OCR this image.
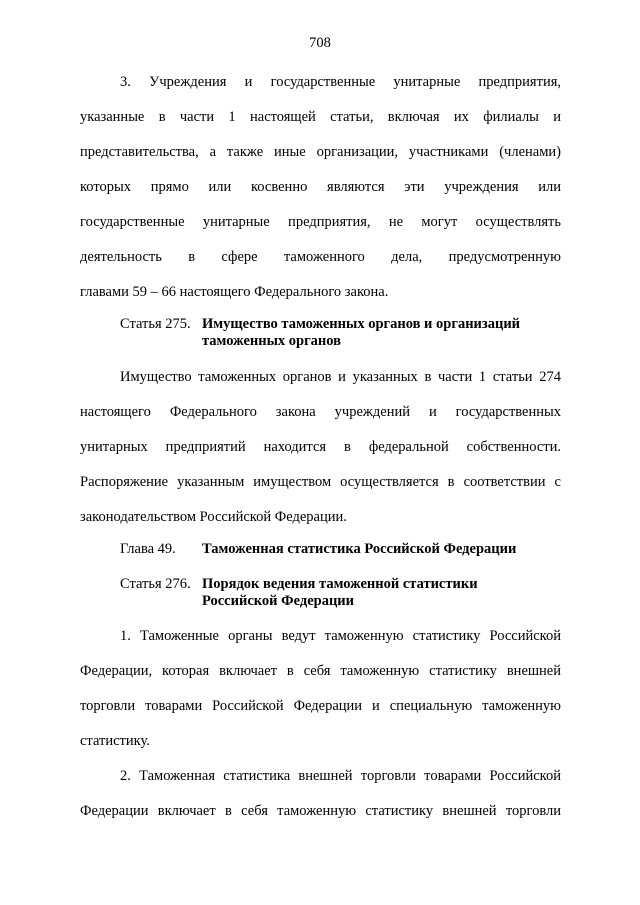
708
3. Учреждения и государственные унитарные предприятия,
указанные в части 1 настоящей статьи, включая их филиалы и
представительства, а также иные организации, участниками (членами)
которых прямо или косвенно являются эти учреждения или
государственные унитарные предприятия, не могут осуществлять
деятельность в сфере таможенного дела, предусмотренную
главами 59 – 66 настоящего Федерального закона.
Статья 275. Имущество таможенных органов и организаций
таможенных органов
Имущество таможенных органов и указанных в части 1 статьи 274
настоящего Федерального закона учреждений и государственных
унитарных предприятий находится в федеральной собственности.
Распоряжение указанным имуществом осуществляется в соответствии с
законодательством Российской Федерации.
Глава 49. Таможенная статистика Российской Федерации
Статья 276. Порядок ведения таможенной статистики
Российской Федерации
1. Таможенные органы ведут таможенную статистику Российской
Федерации, которая включает в себя таможенную статистику внешней
торговли товарами Российской Федерации и специальную таможенную
статистику.
2. Таможенная статистика внешней торговли товарами Российской
Федерации включает в себя таможенную статистику внешней торговли
